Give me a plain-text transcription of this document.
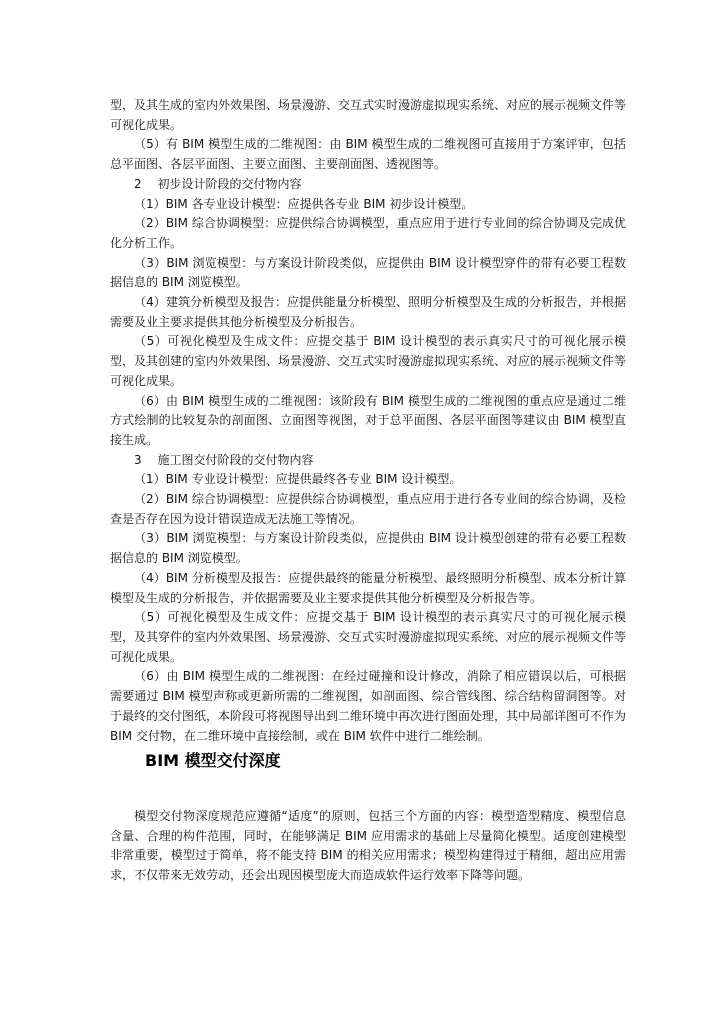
型，及其生成的室内外效果图、场景漫游、交互式实时漫游虚拟现实系统、对应的展示视频文件等可视化成果。

（5）有 BIM 模型生成的二维视图：由 BIM 模型生成的二维视图可直接用于方案评审，包括总平面图、各层平面图、主要立面图、主要剖面图、透视图等。

2　 初步设计阶段的交付物内容

（1）BIM 各专业设计模型：应提供各专业 BIM 初步设计模型。

（2）BIM 综合协调模型：应提供综合协调模型，重点应用于进行专业间的综合协调及完成优化分析工作。

（3）BIM 浏览模型：与方案设计阶段类似，应提供由 BIM 设计模型穿件的带有必要工程数据信息的 BIM 浏览模型。

（4）建筑分析模型及报告：应提供能量分析模型、照明分析模型及生成的分析报告，并根据需要及业主要求提供其他分析模型及分析报告。

（5）可视化模型及生成文件：应提交基于 BIM 设计模型的表示真实尺寸的可视化展示模型，及其创建的室内外效果图、场景漫游、交互式实时漫游虚拟现实系统、对应的展示视频文件等可视化成果。

（6）由 BIM 模型生成的二维视图：该阶段有 BIM 模型生成的二维视图的重点应是通过二维方式绘制的比较复杂的剖面图、立面图等视图，对于总平面图、各层平面图等建议由 BIM 模型直接生成。

3　 施工图交付阶段的交付物内容

（1）BIM 专业设计模型：应提供最终各专业 BIM 设计模型。

（2）BIM 综合协调模型：应提供综合协调模型，重点应用于进行各专业间的综合协调，及检查是否存在因为设计错误造成无法施工等情况。

（3）BIM 浏览模型：与方案设计阶段类似，应提供由 BIM 设计模型创建的带有必要工程数据信息的 BIM 浏览模型。

（4）BIM 分析模型及报告：应提供最终的能量分析模型、最终照明分析模型、成本分析计算模型及生成的分析报告，并依据需要及业主要求提供其他分析模型及分析报告等。

（5）可视化模型及生成文件：应提交基于 BIM 设计模型的表示真实尺寸的可视化展示模型，及其穿件的室内外效果图、场景漫游、交互式实时漫游虚拟现实系统、对应的展示视频文件等可视化成果。

（6）由 BIM 模型生成的二维视图：在经过碰撞和设计修改，消除了相应错误以后，可根据需要通过 BIM 模型声称或更新所需的二维视图，如剖面图、综合管线图、综合结构留洞图等。对于最终的交付图纸，本阶段可将视图导出到二维环境中再次进行图面处理，其中局部详图可不作为 BIM 交付物，在二维环境中直接绘制，或在 BIM 软件中进行二维绘制。

BIM 模型交付深度

模型交付物深度规范应遵循“适度”的原则，包括三个方面的内容：模型造型精度、模型信息含量、合理的构件范围，同时，在能够满足 BIM 应用需求的基础上尽量简化模型。适度创建模型非常重要，模型过于简单，将不能支持 BIM 的相关应用需求；模型构建得过于精细，超出应用需求，不仅带来无效劳动，还会出现因模型庞大而造成软件运行效率下降等问题。
